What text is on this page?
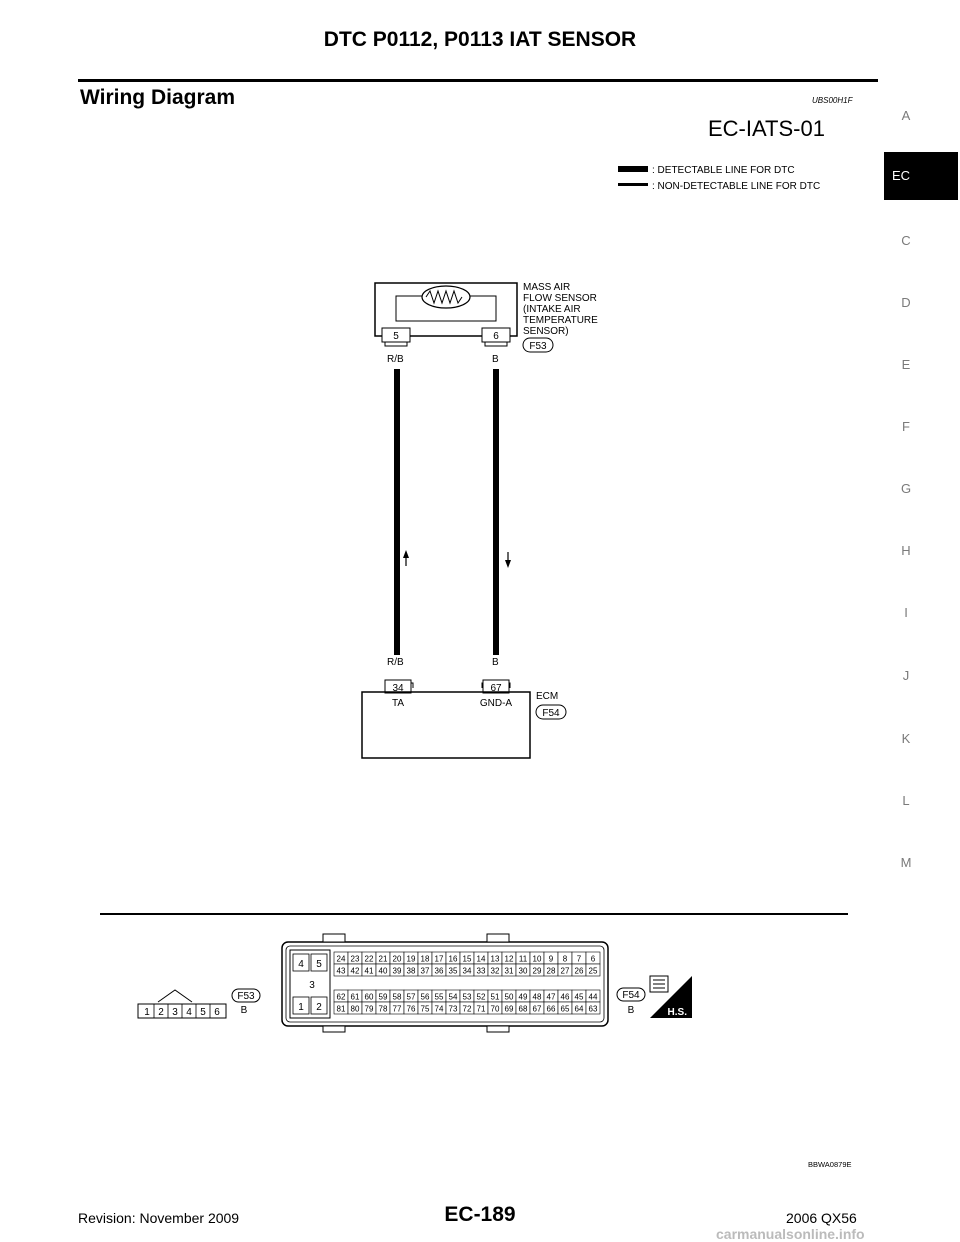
DTC P0112, P0113 IAT SENSOR
Wiring Diagram	UBS00H1F
EC-IATS-01
A
EC
C
D
E
F
G
H
I
J
K
L
M
: DETECTABLE LINE FOR DTC
: NON-DETECTABLE LINE FOR DTC
5	6
MASS AIR
FLOW SENSOR
(INTAKE AIR
TEMPERATURE
SENSOR)
F53
R/B	B
R/B	B
34	67
TA	GND-A
ECM
F54
1 2 3 4 5 6
F53
B
4 5
3
1 2
24 23 22 21 20 19 18 17 16 15 14 13 12 11 10 9 8 7 6
43 42 41 40 39 38 37 36 35 34 33 32 31 30 29 28 27 26 25
62 61 60 59 58 57 56 55 54 53 52 51 50 49 48 47 46 45 44
81 80 79 78 77 76 75 74 73 72 71 70 69 68 67 66 65 64 63
F54
B	H.S.
BBWA0879E
Revision: November 2009	EC-189	2006 QX56
carmanualsonline.info
